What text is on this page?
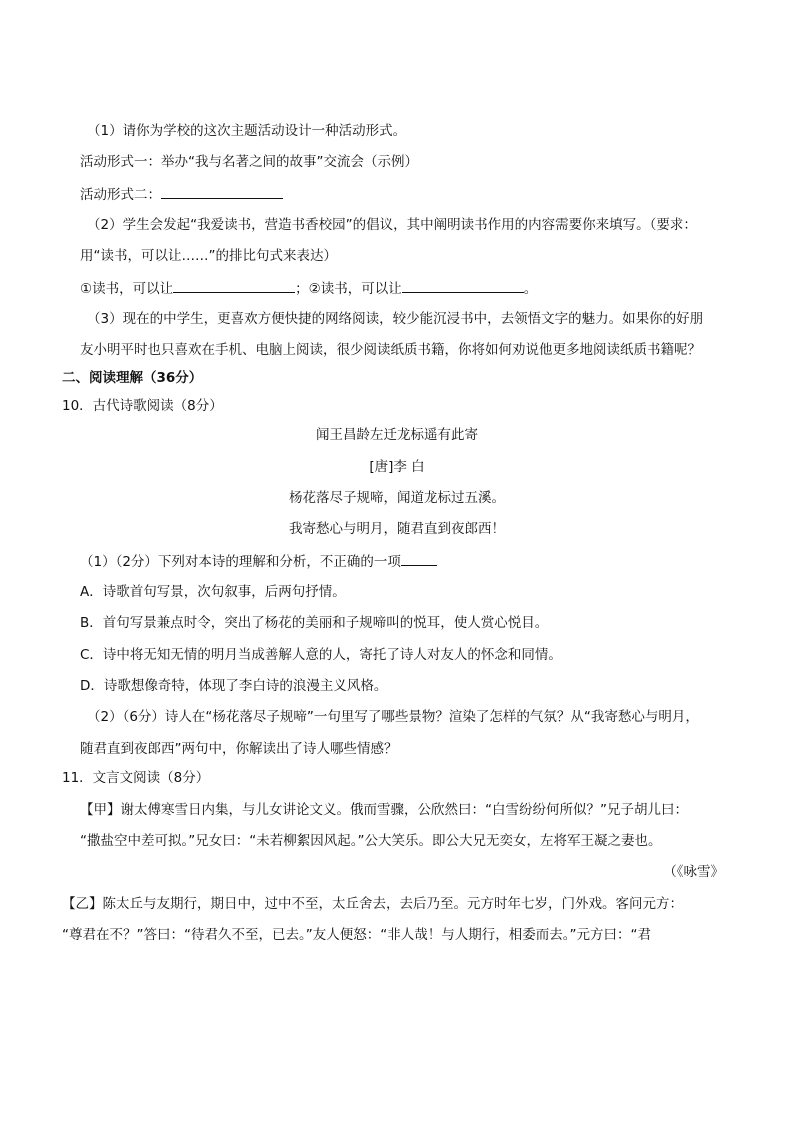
（1）请你为学校的这次主题活动设计一种活动形式。
活动形式一：举办“我与名著之间的故事”交流会（示例）
活动形式二：
（2）学生会发起“我爱读书，营造书香校园”的倡议，其中阐明读书作用的内容需要你来填写。（要求：
用“读书，可以让……”的排比句式来表达）
①读书，可以让	；②读书，可以让	。
（3）现在的中学生，更喜欢方便快捷的网络阅读，较少能沉浸书中，去领悟文字的魅力。如果你的好朋
友小明平时也只喜欢在手机、电脑上阅读，很少阅读纸质书籍，你将如何劝说他更多地阅读纸质书籍呢？
二、阅读理解（36分）
10．古代诗歌阅读（8分）
闻王昌龄左迁龙标遥有此寄
[唐]李 白
杨花落尽子规啼，闻道龙标过五溪。
我寄愁心与明月，随君直到夜郎西！
（1）（2分）下列对本诗的理解和分析，不正确的一项
A．诗歌首句写景，次句叙事，后两句抒情。
B．首句写景兼点时令，突出了杨花的美丽和子规啼叫的悦耳，使人赏心悦目。
C．诗中将无知无情的明月当成善解人意的人，寄托了诗人对友人的怀念和同情。
D．诗歌想像奇特，体现了李白诗的浪漫主义风格。
（2）（6分）诗人在“杨花落尽子规啼”一句里写了哪些景物？渲染了怎样的气氛？从“我寄愁心与明月，
随君直到夜郎西”两句中，你解读出了诗人哪些情感？
11．文言文阅读（8分）
【甲】谢太傅寒雪日内集，与儿女讲论文义。俄而雪骤，公欣然曰：“白雪纷纷何所似？”兄子胡儿曰：
“撒盐空中差可拟。”兄女曰：“未若柳絮因风起。”公大笑乐。即公大兄无奕女，左将军王凝之妻也。
（《咏雪》
【乙】陈太丘与友期行，期日中，过中不至，太丘舍去，去后乃至。元方时年七岁，门外戏。客问元方：
“尊君在不？”答曰：“待君久不至，已去。”友人便怒：“非人哉！与人期行，相委而去。”元方曰：“君
